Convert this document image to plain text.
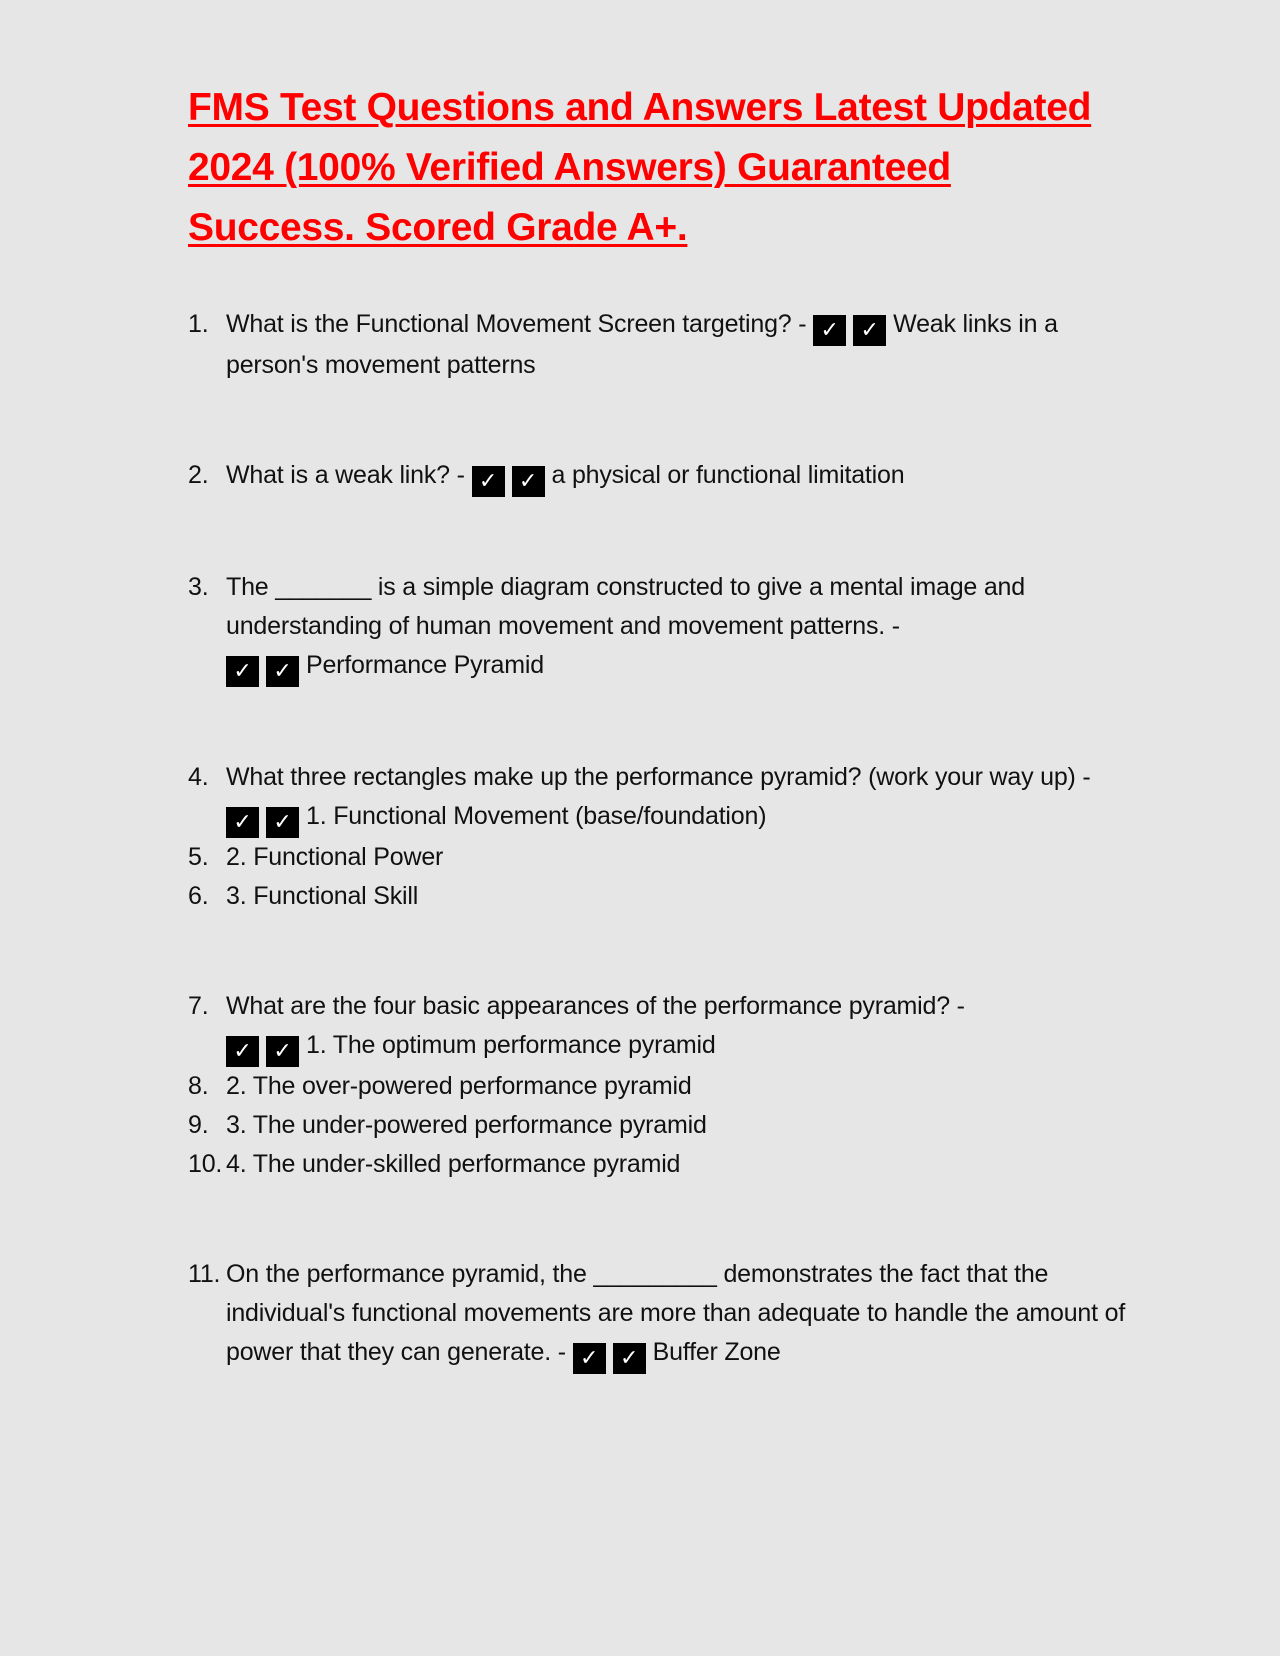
FMS Test Questions and Answers Latest Updated 2024 (100% Verified Answers) Guaranteed Success. Scored Grade A+.
1. What is the Functional Movement Screen targeting? - ✓ ✓ Weak links in a person's movement patterns
2. What is a weak link? - ✓ ✓ a physical or functional limitation
3. The _______ is a simple diagram constructed to give a mental image and understanding of human movement and movement patterns. - ✓ ✓ Performance Pyramid
4. What three rectangles make up the performance pyramid? (work your way up) - ✓ ✓ 1. Functional Movement (base/foundation)
5. 2. Functional Power
6. 3. Functional Skill
7. What are the four basic appearances of the performance pyramid? - ✓ ✓ 1. The optimum performance pyramid
8. 2. The over-powered performance pyramid
9. 3. The under-powered performance pyramid
10. 4. The under-skilled performance pyramid
11. On the performance pyramid, the _________ demonstrates the fact that the individual's functional movements are more than adequate to handle the amount of power that they can generate. - ✓ ✓ Buffer Zone
